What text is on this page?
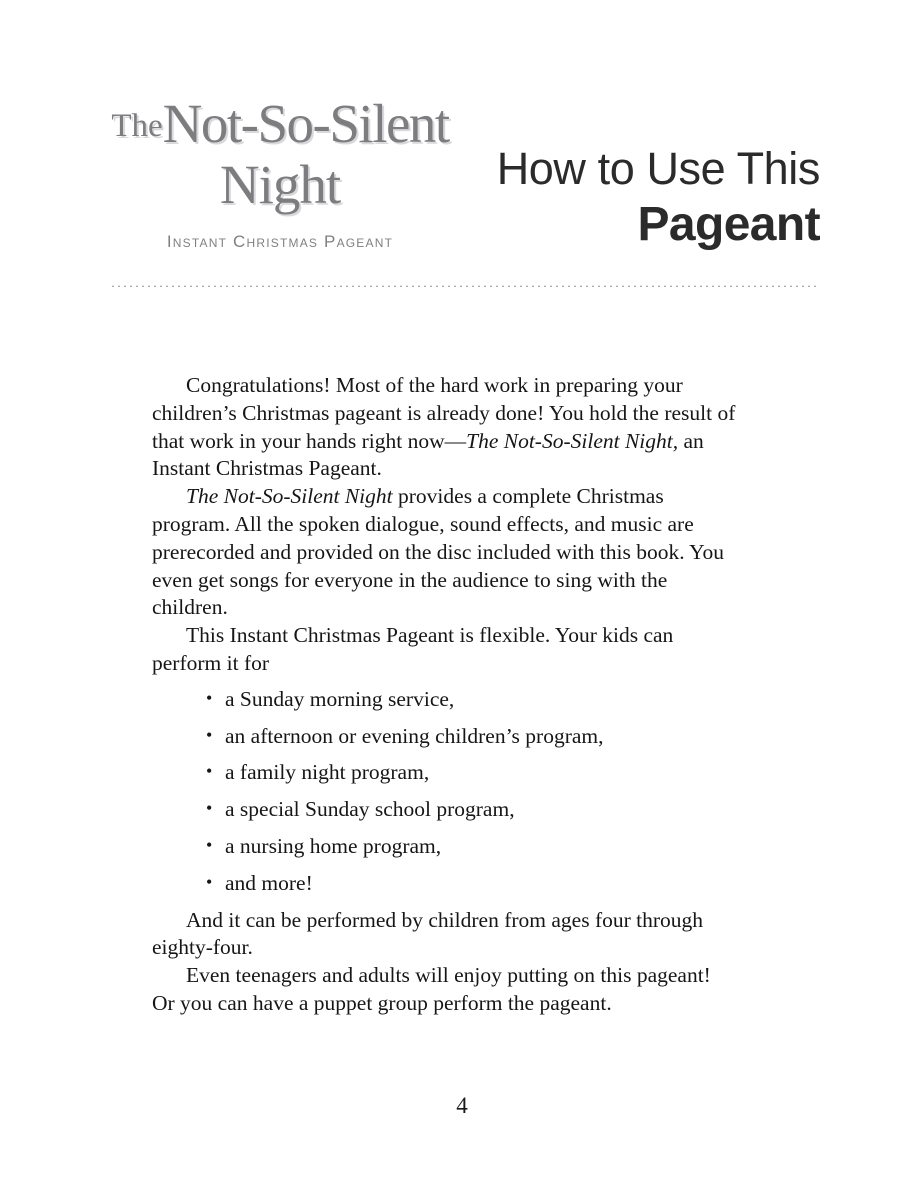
TheNot-So-Silent
Night
Instant Christmas Pageant
How to Use This
Pageant

Congratulations! Most of the hard work in preparing your children’s Christmas pageant is already done! You hold the result of that work in your hands right now—The Not-So-Silent Night, an Instant Christmas Pageant.

The Not-So-Silent Night provides a complete Christmas program. All the spoken dialogue, sound effects, and music are prerecorded and provided on the disc included with this book. You even get songs for everyone in the audience to sing with the children.

This Instant Christmas Pageant is flexible. Your kids can perform it for

• a Sunday morning service,
• an afternoon or evening children’s program,
• a family night program,
• a special Sunday school program,
• a nursing home program,
• and more!

And it can be performed by children from ages four through eighty-four.

Even teenagers and adults will enjoy putting on this pageant! Or you can have a puppet group perform the pageant.

4
